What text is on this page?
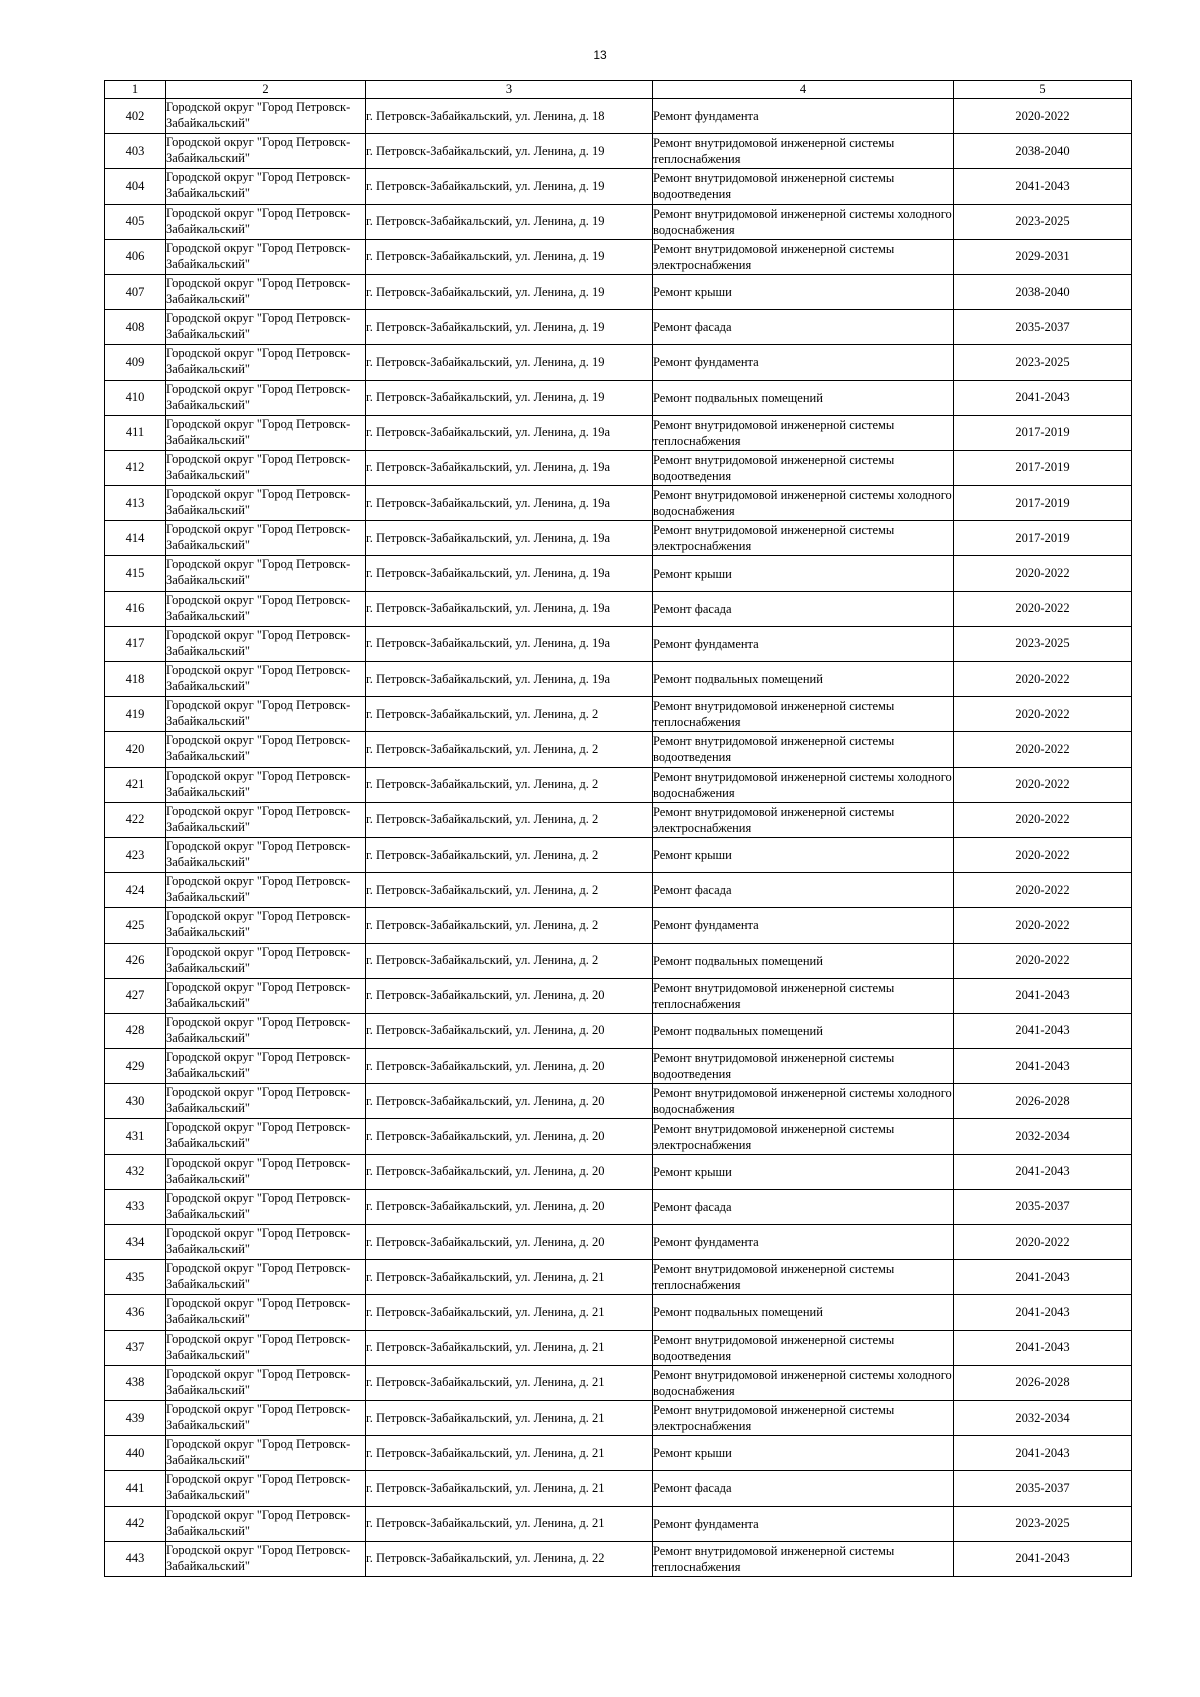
13
1	2	3	4	5
402	Городской округ "Город Петровск-Забайкальский"	г. Петровск-Забайкальский, ул. Ленина, д. 18	Ремонт фундамента	2020-2022
403	Городской округ "Город Петровск-Забайкальский"	г. Петровск-Забайкальский, ул. Ленина, д. 19	Ремонт внутридомовой инженерной системы теплоснабжения	2038-2040
404	Городской округ "Город Петровск-Забайкальский"	г. Петровск-Забайкальский, ул. Ленина, д. 19	Ремонт внутридомовой инженерной системы водоотведения	2041-2043
405	Городской округ "Город Петровск-Забайкальский"	г. Петровск-Забайкальский, ул. Ленина, д. 19	Ремонт внутридомовой инженерной системы холодного водоснабжения	2023-2025
406	Городской округ "Город Петровск-Забайкальский"	г. Петровск-Забайкальский, ул. Ленина, д. 19	Ремонт внутридомовой инженерной системы электроснабжения	2029-2031
407	Городской округ "Город Петровск-Забайкальский"	г. Петровск-Забайкальский, ул. Ленина, д. 19	Ремонт крыши	2038-2040
408	Городской округ "Город Петровск-Забайкальский"	г. Петровск-Забайкальский, ул. Ленина, д. 19	Ремонт фасада	2035-2037
409	Городской округ "Город Петровск-Забайкальский"	г. Петровск-Забайкальский, ул. Ленина, д. 19	Ремонт фундамента	2023-2025
410	Городской округ "Город Петровск-Забайкальский"	г. Петровск-Забайкальский, ул. Ленина, д. 19	Ремонт подвальных помещений	2041-2043
411	Городской округ "Город Петровск-Забайкальский"	г. Петровск-Забайкальский, ул. Ленина, д. 19а	Ремонт внутридомовой инженерной системы теплоснабжения	2017-2019
412	Городской округ "Город Петровск-Забайкальский"	г. Петровск-Забайкальский, ул. Ленина, д. 19а	Ремонт внутридомовой инженерной системы водоотведения	2017-2019
413	Городской округ "Город Петровск-Забайкальский"	г. Петровск-Забайкальский, ул. Ленина, д. 19а	Ремонт внутридомовой инженерной системы холодного водоснабжения	2017-2019
414	Городской округ "Город Петровск-Забайкальский"	г. Петровск-Забайкальский, ул. Ленина, д. 19а	Ремонт внутридомовой инженерной системы электроснабжения	2017-2019
415	Городской округ "Город Петровск-Забайкальский"	г. Петровск-Забайкальский, ул. Ленина, д. 19а	Ремонт крыши	2020-2022
416	Городской округ "Город Петровск-Забайкальский"	г. Петровск-Забайкальский, ул. Ленина, д. 19а	Ремонт фасада	2020-2022
417	Городской округ "Город Петровск-Забайкальский"	г. Петровск-Забайкальский, ул. Ленина, д. 19а	Ремонт фундамента	2023-2025
418	Городской округ "Город Петровск-Забайкальский"	г. Петровск-Забайкальский, ул. Ленина, д. 19а	Ремонт подвальных помещений	2020-2022
419	Городской округ "Город Петровск-Забайкальский"	г. Петровск-Забайкальский, ул. Ленина, д. 2	Ремонт внутридомовой инженерной системы теплоснабжения	2020-2022
420	Городской округ "Город Петровск-Забайкальский"	г. Петровск-Забайкальский, ул. Ленина, д. 2	Ремонт внутридомовой инженерной системы водоотведения	2020-2022
421	Городской округ "Город Петровск-Забайкальский"	г. Петровск-Забайкальский, ул. Ленина, д. 2	Ремонт внутридомовой инженерной системы холодного водоснабжения	2020-2022
422	Городской округ "Город Петровск-Забайкальский"	г. Петровск-Забайкальский, ул. Ленина, д. 2	Ремонт внутридомовой инженерной системы электроснабжения	2020-2022
423	Городской округ "Город Петровск-Забайкальский"	г. Петровск-Забайкальский, ул. Ленина, д. 2	Ремонт крыши	2020-2022
424	Городской округ "Город Петровск-Забайкальский"	г. Петровск-Забайкальский, ул. Ленина, д. 2	Ремонт фасада	2020-2022
425	Городской округ "Город Петровск-Забайкальский"	г. Петровск-Забайкальский, ул. Ленина, д. 2	Ремонт фундамента	2020-2022
426	Городской округ "Город Петровск-Забайкальский"	г. Петровск-Забайкальский, ул. Ленина, д. 2	Ремонт подвальных помещений	2020-2022
427	Городской округ "Город Петровск-Забайкальский"	г. Петровск-Забайкальский, ул. Ленина, д. 20	Ремонт внутридомовой инженерной системы теплоснабжения	2041-2043
428	Городской округ "Город Петровск-Забайкальский"	г. Петровск-Забайкальский, ул. Ленина, д. 20	Ремонт подвальных помещений	2041-2043
429	Городской округ "Город Петровск-Забайкальский"	г. Петровск-Забайкальский, ул. Ленина, д. 20	Ремонт внутридомовой инженерной системы водоотведения	2041-2043
430	Городской округ "Город Петровск-Забайкальский"	г. Петровск-Забайкальский, ул. Ленина, д. 20	Ремонт внутридомовой инженерной системы холодного водоснабжения	2026-2028
431	Городской округ "Город Петровск-Забайкальский"	г. Петровск-Забайкальский, ул. Ленина, д. 20	Ремонт внутридомовой инженерной системы электроснабжения	2032-2034
432	Городской округ "Город Петровск-Забайкальский"	г. Петровск-Забайкальский, ул. Ленина, д. 20	Ремонт крыши	2041-2043
433	Городской округ "Город Петровск-Забайкальский"	г. Петровск-Забайкальский, ул. Ленина, д. 20	Ремонт фасада	2035-2037
434	Городской округ "Город Петровск-Забайкальский"	г. Петровск-Забайкальский, ул. Ленина, д. 20	Ремонт фундамента	2020-2022
435	Городской округ "Город Петровск-Забайкальский"	г. Петровск-Забайкальский, ул. Ленина, д. 21	Ремонт внутридомовой инженерной системы теплоснабжения	2041-2043
436	Городской округ "Город Петровск-Забайкальский"	г. Петровск-Забайкальский, ул. Ленина, д. 21	Ремонт подвальных помещений	2041-2043
437	Городской округ "Город Петровск-Забайкальский"	г. Петровск-Забайкальский, ул. Ленина, д. 21	Ремонт внутридомовой инженерной системы водоотведения	2041-2043
438	Городской округ "Город Петровск-Забайкальский"	г. Петровск-Забайкальский, ул. Ленина, д. 21	Ремонт внутридомовой инженерной системы холодного водоснабжения	2026-2028
439	Городской округ "Город Петровск-Забайкальский"	г. Петровск-Забайкальский, ул. Ленина, д. 21	Ремонт внутридомовой инженерной системы электроснабжения	2032-2034
440	Городской округ "Город Петровск-Забайкальский"	г. Петровск-Забайкальский, ул. Ленина, д. 21	Ремонт крыши	2041-2043
441	Городской округ "Город Петровск-Забайкальский"	г. Петровск-Забайкальский, ул. Ленина, д. 21	Ремонт фасада	2035-2037
442	Городской округ "Город Петровск-Забайкальский"	г. Петровск-Забайкальский, ул. Ленина, д. 21	Ремонт фундамента	2023-2025
443	Городской округ "Город Петровск-Забайкальский"	г. Петровск-Забайкальский, ул. Ленина, д. 22	Ремонт внутридомовой инженерной системы теплоснабжения	2041-2043
